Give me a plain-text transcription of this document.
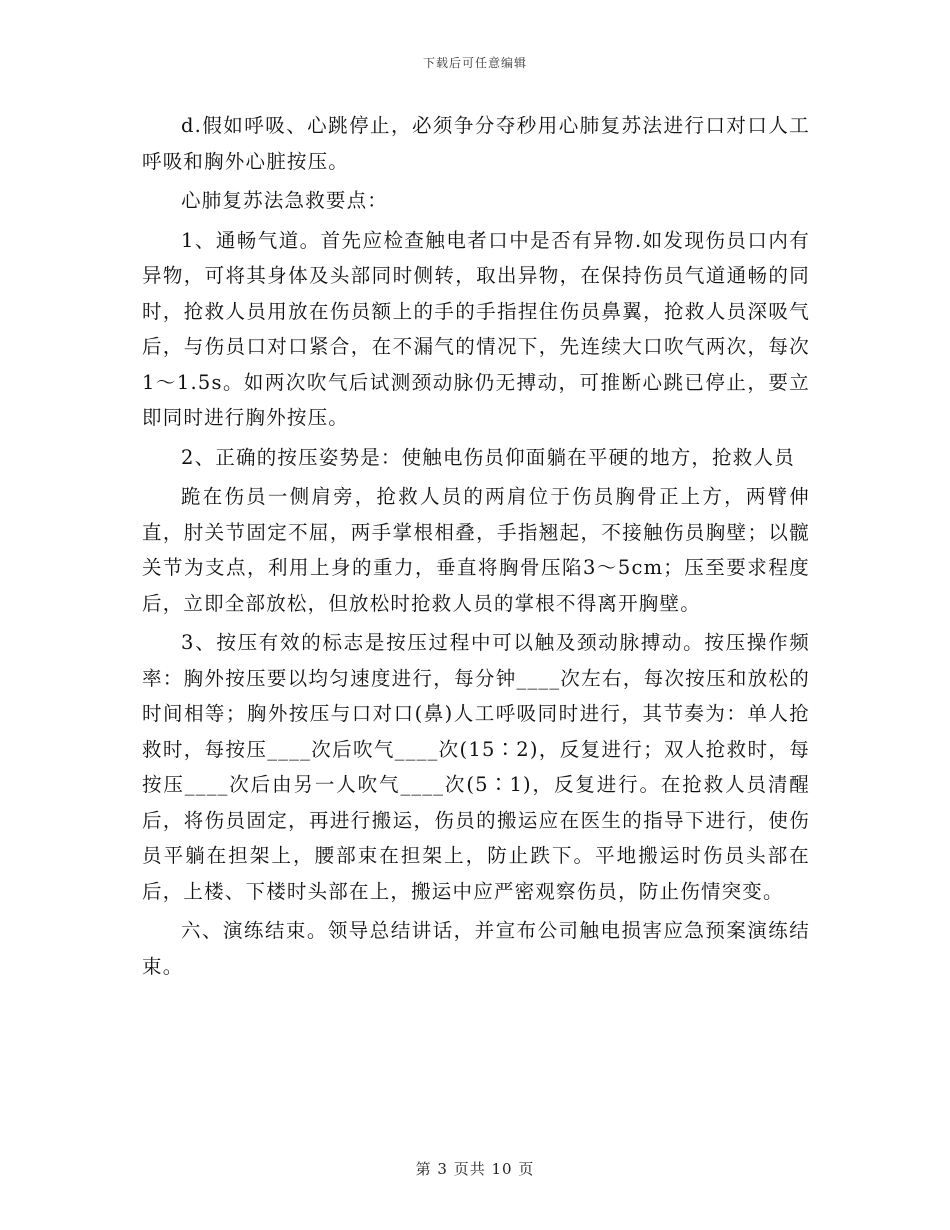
下载后可任意编辑

d.假如呼吸、心跳停止，必须争分夺秒用心肺复苏法进行口对口人工呼吸和胸外心脏按压。

心肺复苏法急救要点：

1、通畅气道。首先应检查触电者口中是否有异物.如发现伤员口内有异物，可将其身体及头部同时侧转，取出异物，在保持伤员气道通畅的同时，抢救人员用放在伤员额上的手的手指捏住伤员鼻翼，抢救人员深吸气后，与伤员口对口紧合，在不漏气的情况下，先连续大口吹气两次，每次1～1.5s。如两次吹气后试测颈动脉仍无搏动，可推断心跳已停止，要立即同时进行胸外按压。

2、正确的按压姿势是：使触电伤员仰面躺在平硬的地方，抢救人员

跪在伤员一侧肩旁，抢救人员的两肩位于伤员胸骨正上方，两臂伸直，肘关节固定不屈，两手掌根相叠，手指翘起，不接触伤员胸壁；以髋关节为支点，利用上身的重力，垂直将胸骨压陷3～5cm；压至要求程度后，立即全部放松，但放松时抢救人员的掌根不得离开胸壁。

3、按压有效的标志是按压过程中可以触及颈动脉搏动。按压操作频率：胸外按压要以均匀速度进行，每分钟____次左右，每次按压和放松的时间相等；胸外按压与口对口(鼻)人工呼吸同时进行，其节奏为：单人抢救时，每按压____次后吹气____次(15∶2)，反复进行；双人抢救时，每按压____次后由另一人吹气____次(5∶1)，反复进行。在抢救人员清醒后，将伤员固定，再进行搬运，伤员的搬运应在医生的指导下进行，使伤员平躺在担架上，腰部束在担架上，防止跌下。平地搬运时伤员头部在后，上楼、下楼时头部在上，搬运中应严密观察伤员，防止伤情突变。

六、演练结束。领导总结讲话，并宣布公司触电损害应急预案演练结束。

第 3 页共 10 页
